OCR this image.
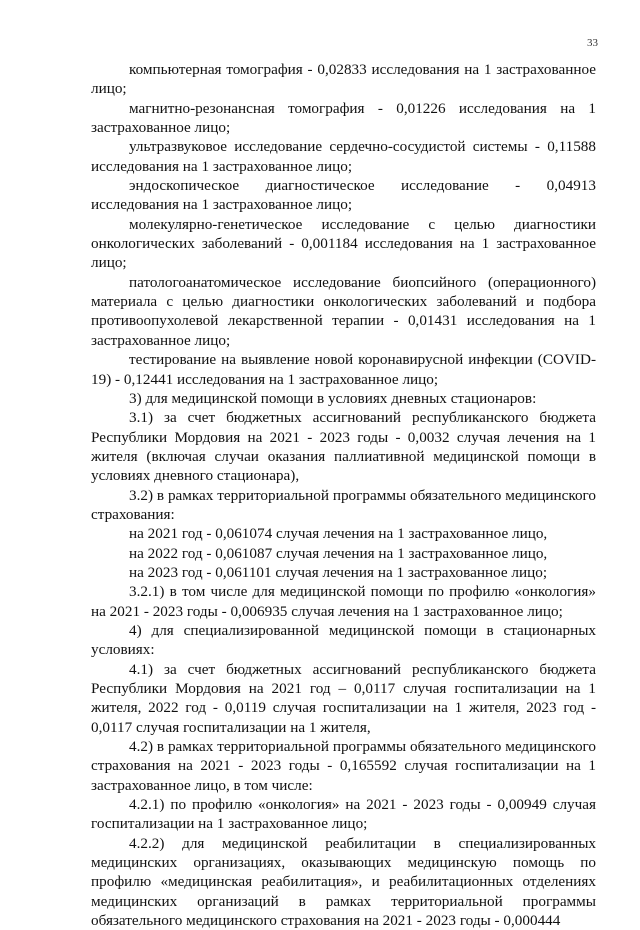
33

компьютерная томография - 0,02833 исследования на 1 застрахованное лицо;

магнитно-резонансная томография - 0,01226 исследования на 1 застрахованное лицо;

ультразвуковое исследование сердечно-сосудистой системы - 0,11588 исследования на 1 застрахованное лицо;

эндоскопическое диагностическое исследование - 0,04913 исследования на 1 застрахованное лицо;

молекулярно-генетическое исследование с целью диагностики онкологических заболеваний - 0,001184 исследования на 1 застрахованное лицо;

патологоанатомическое исследование биопсийного (операционного) материала с целью диагностики онкологических заболеваний и подбора противоопухолевой лекарственной терапии - 0,01431 исследования на 1 застрахованное лицо;

тестирование на выявление новой коронавирусной инфекции (COVID-19) - 0,12441 исследования на 1 застрахованное лицо;

3) для медицинской помощи в условиях дневных стационаров:

3.1) за счет бюджетных ассигнований республиканского бюджета Республики Мордовия на 2021 - 2023 годы - 0,0032 случая лечения на 1 жителя (включая случаи оказания паллиативной медицинской помощи в условиях дневного стационара),

3.2) в рамках территориальной программы обязательного медицинского страхования:

на 2021 год - 0,061074 случая лечения на 1 застрахованное лицо,

на 2022 год - 0,061087 случая лечения на 1 застрахованное лицо,

на 2023 год - 0,061101 случая лечения на 1 застрахованное лицо;

3.2.1) в том числе для медицинской помощи по профилю «онкология» на 2021 - 2023 годы - 0,006935 случая лечения на 1 застрахованное лицо;

4) для специализированной медицинской помощи в стационарных условиях:

4.1) за счет бюджетных ассигнований республиканского бюджета Республики Мордовия на 2021 год – 0,0117 случая госпитализации на 1 жителя, 2022 год - 0,0119 случая госпитализации на 1 жителя, 2023 год - 0,0117 случая госпитализации на 1 жителя,

4.2) в рамках территориальной программы обязательного медицинского страхования на 2021 - 2023 годы - 0,165592 случая госпитализации на 1 застрахованное лицо, в том числе:

4.2.1) по профилю «онкология» на 2021 - 2023 годы - 0,00949 случая госпитализации на 1 застрахованное лицо;

4.2.2) для медицинской реабилитации в специализированных медицинских организациях, оказывающих медицинскую помощь по профилю «медицинская реабилитация», и реабилитационных отделениях медицинских организаций в рамках территориальной программы обязательного медицинского страхования на 2021 - 2023 годы - 0,000444
